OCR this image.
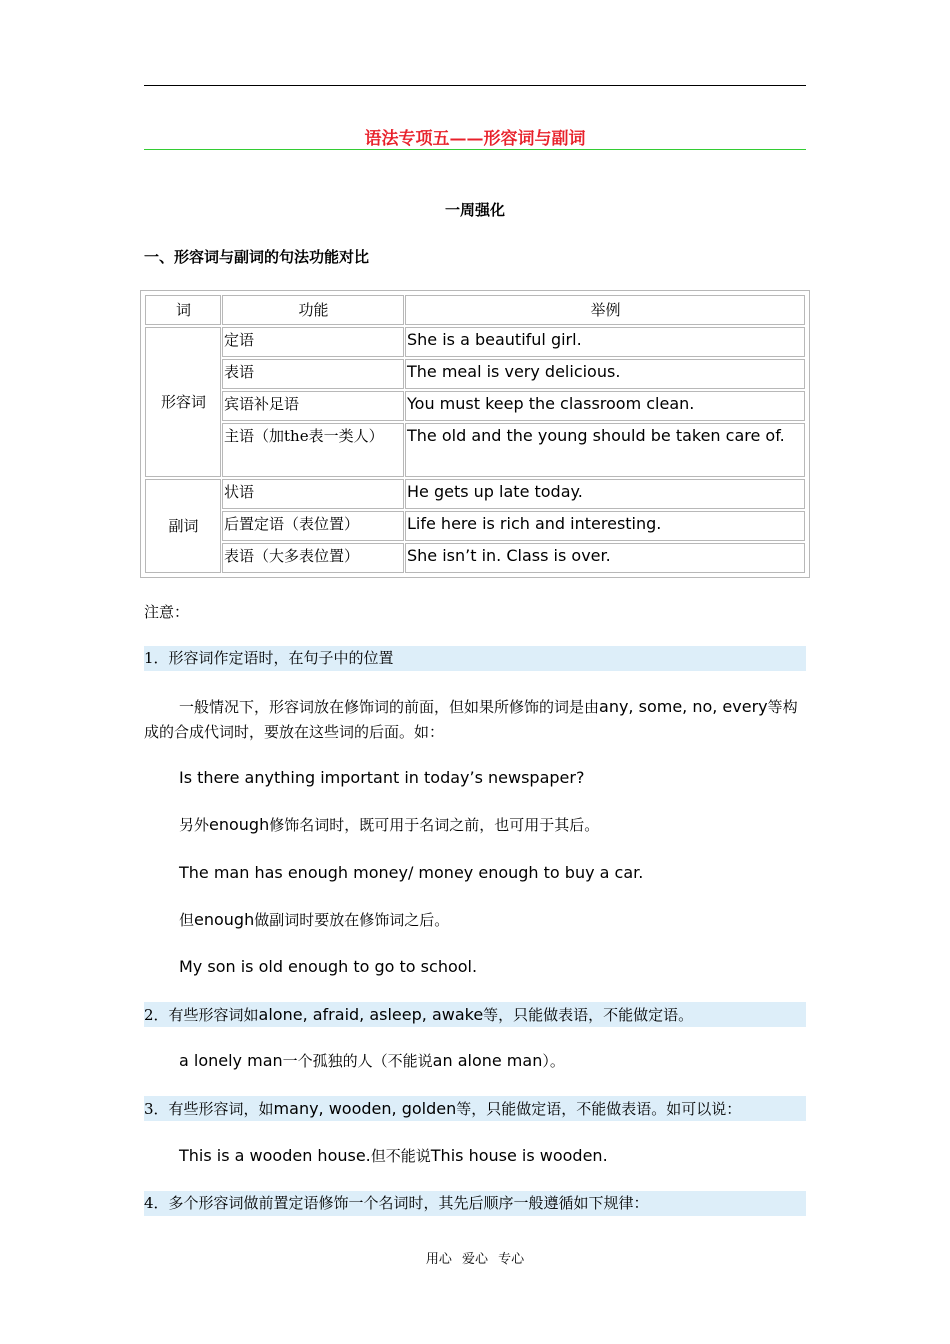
语法专项五——形容词与副词
一周强化
一、形容词与副词的句法功能对比
词	功能	举例
形容词
定语	She is a beautiful girl.
表语	The meal is very delicious.
宾语补足语	You must keep the classroom clean.
主语（加the表一类人）	The old and the young should be taken care of.
副词
状语	He gets up late today.
后置定语（表位置）	Life here is rich and interesting.
表语（大多表位置）	She isn’t in. Class is over.
注意：
1．形容词作定语时，在句子中的位置
一般情况下，形容词放在修饰词的前面，但如果所修饰的词是由any, some, no, every等构成的合成代词时，要放在这些词的后面。如：
Is there anything important in today’s newspaper?
另外enough修饰名词时，既可用于名词之前，也可用于其后。
The man has enough money/ money enough to buy a car.
但enough做副词时要放在修饰词之后。
My son is old enough to go to school.
2．有些形容词如alone, afraid, asleep, awake等，只能做表语，不能做定语。
a lonely man一个孤独的人（不能说an alone man）。
3．有些形容词，如many, wooden, golden等，只能做定语，不能做表语。如可以说：
This is a wooden house.但不能说This house is wooden.
4．多个形容词做前置定语修饰一个名词时，其先后顺序一般遵循如下规律：
用心 爱心 专心
